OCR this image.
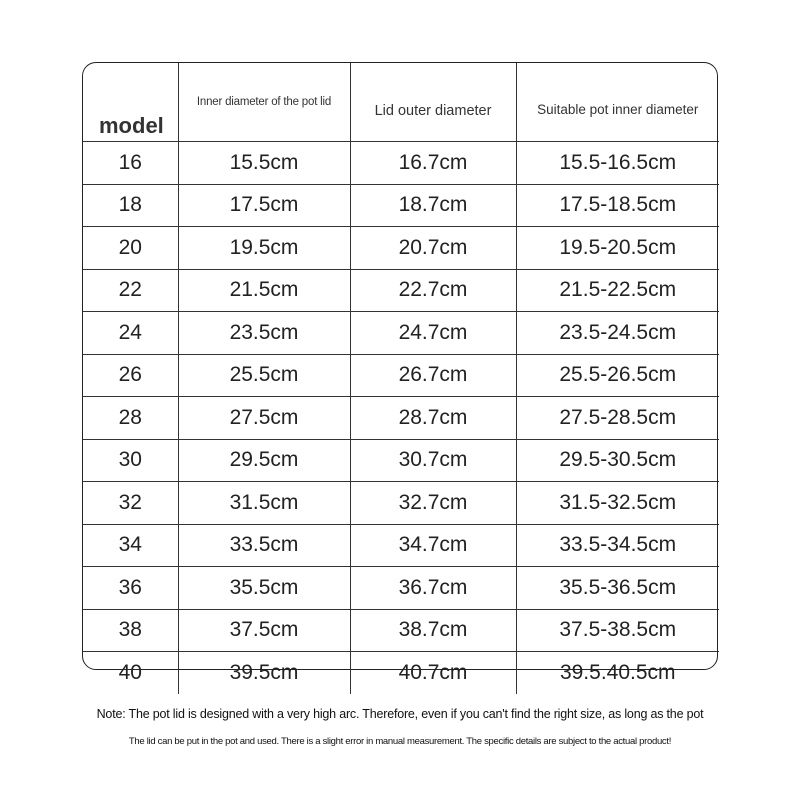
model	Inner diameter of the pot lid	Lid outer diameter	Suitable pot inner diameter
16	15.5cm	16.7cm	15.5-16.5cm
18	17.5cm	18.7cm	17.5-18.5cm
20	19.5cm	20.7cm	19.5-20.5cm
22	21.5cm	22.7cm	21.5-22.5cm
24	23.5cm	24.7cm	23.5-24.5cm
26	25.5cm	26.7cm	25.5-26.5cm
28	27.5cm	28.7cm	27.5-28.5cm
30	29.5cm	30.7cm	29.5-30.5cm
32	31.5cm	32.7cm	31.5-32.5cm
34	33.5cm	34.7cm	33.5-34.5cm
36	35.5cm	36.7cm	35.5-36.5cm
38	37.5cm	38.7cm	37.5-38.5cm
40	39.5cm	40.7cm	39.5.40.5cm
Note: The pot lid is designed with a very high arc. Therefore, even if you can't find the right size, as long as the pot
The lid can be put in the pot and used. There is a slight error in manual measurement. The specific details are subject to the actual product!
